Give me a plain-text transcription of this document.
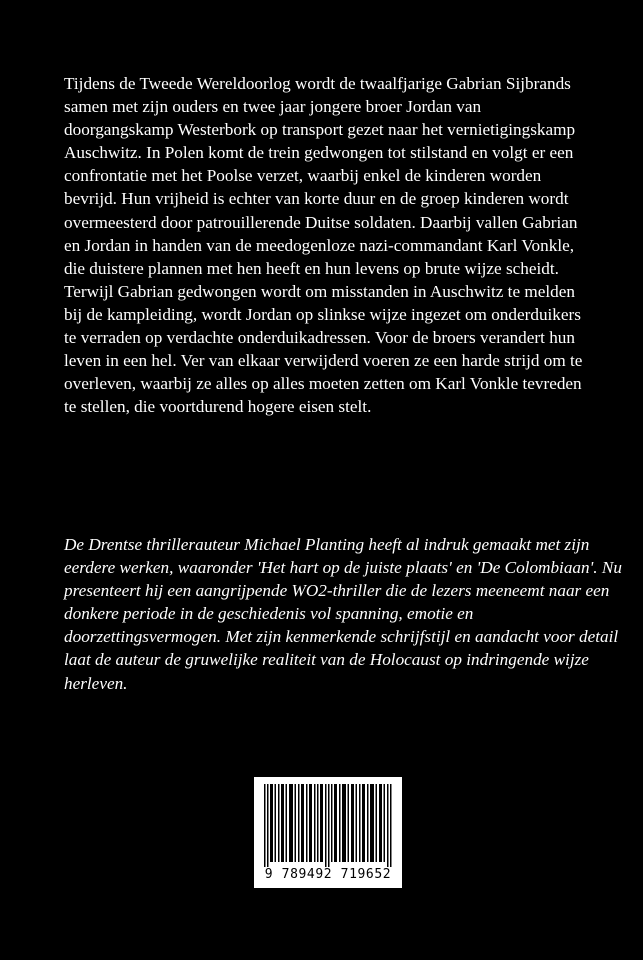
Tijdens de Tweede Wereldoorlog wordt de twaalfjarige Gabrian Sijbrands samen met zijn ouders en twee jaar jongere broer Jordan van doorgangskamp Westerbork op transport gezet naar het vernietigingskamp Auschwitz. In Polen komt de trein gedwongen tot stilstand en volgt er een confrontatie met het Poolse verzet, waarbij enkel de kinderen worden bevrijd. Hun vrijheid is echter van korte duur en de groep kinderen wordt overmeesterd door patrouillerende Duitse soldaten. Daarbij vallen Gabrian en Jordan in handen van de meedogenloze nazi-commandant Karl Vonkle, die duistere plannen met hen heeft en hun levens op brute wijze scheidt. Terwijl Gabrian gedwongen wordt om misstanden in Auschwitz te melden bij de kampleiding, wordt Jordan op slinkse wijze ingezet om onderduikers te verraden op verdachte onderduikadressen. Voor de broers verandert hun leven in een hel. Ver van elkaar verwijderd voeren ze een harde strijd om te overleven, waarbij ze alles op alles moeten zetten om Karl Vonkle tevreden te stellen, die voortdurend hogere eisen stelt.

De Drentse thrillerauteur Michael Planting heeft al indruk gemaakt met zijn eerdere werken, waaronder 'Het hart op de juiste plaats' en 'De Colombiaan'. Nu presenteert hij een aangrijpende WO2-thriller die de lezers meeneemt naar een donkere periode in de geschiedenis vol spanning, emotie en doorzettingsvermogen. Met zijn kenmerkende schrijfstijl en aandacht voor detail laat de auteur de gruwelijke realiteit van de Holocaust op indringende wijze herleven.

9 789492 719652
